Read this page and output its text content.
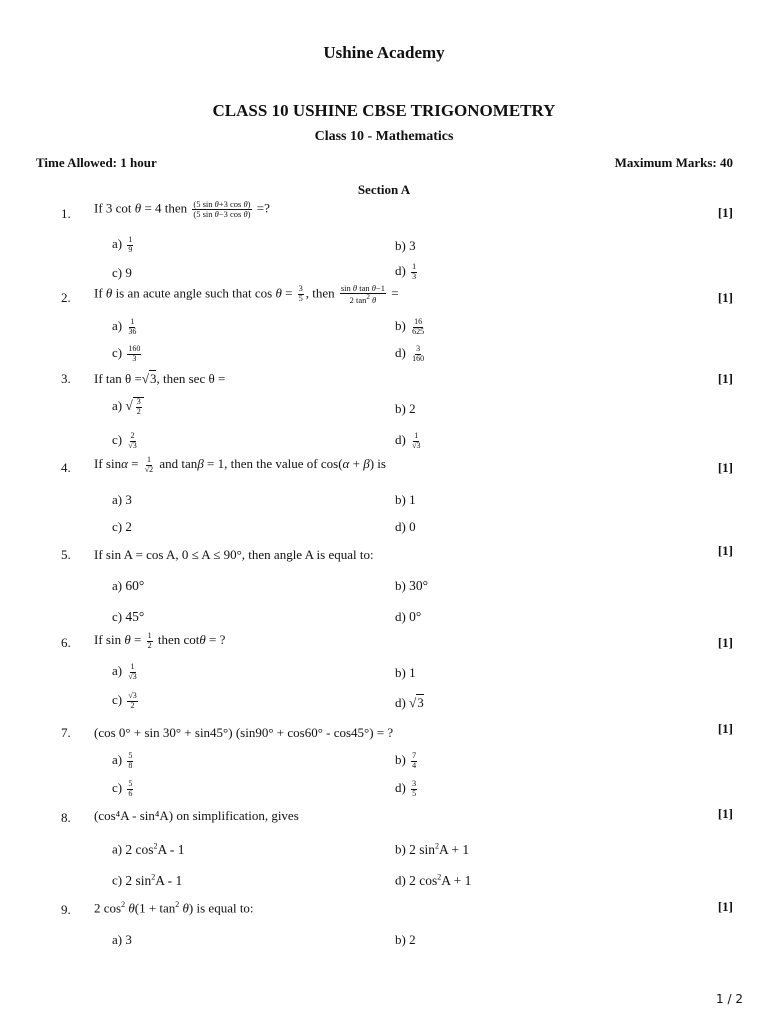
Ushine Academy
CLASS 10 USHINE CBSE TRIGONOMETRY
Class 10 - Mathematics
Time Allowed: 1 hour	Maximum Marks: 40
Section A
1. If 3 cot θ = 4 then $\frac{\text{(5 sin θ+3 cos θ)}}{\text{(5 sin θ−3 cos θ)}}$ =?	[1]
$a) \frac{1}{9}$	b) 3
c) 9	$d) \frac{1}{3}$
2. If θ is an acute angle such that $\cos \theta = \frac{3}{5}$ , then $\frac{\text{sin θ tan θ−1}}{2 \tan^2 \theta}$ =	[1]
$a) \frac{1}{36}$	$b) \frac{16}{625}$
$c) \frac{160}{3}$	$d) \frac{3}{160}$
3. If tan θ =√3, then sec θ =	[1]
a) √ $\frac{3}{2}$	b) 2
$c) \frac{2}{√3}$	$d) \frac{1}{√3}$
4. If $\sin\alpha = \frac{1}{√2}$ and tanβ = 1, then the value of cos(α + β) is	[1]
a) 3	b) 1
c) 2	d) 0
5. If sin A = cos A, 0 ≤ A ≤ 90°, then angle A is equal to:	[1]
a) 60°	b) 30°
c) 45°	d) 0°
6. If $\sin \theta = \frac{1}{2}$ then cotθ = ?	[1]
$a) \frac{1}{√3}$	b) 1
$c) \frac{√3}{2}$	d) √3
7. (cos 0° + sin 30° + sin45°) (sin90° + cos60° - cos45°) = ?	[1]
$a) \frac{5}{8}$	$b) \frac{7}{4}$
$c) \frac{5}{6}$	$d) \frac{3}{5}$
8. (cos⁴A - sin⁴A) on simplification, gives	[1]
a) 2 $\cos^2A - 1$	b) 2 $\sin^2A + 1$
c) 2 $\sin^2A - 1$	d) 2 $\cos^2A + 1$
9. 2 $\cos^2 \theta(1 + \tan^2 \theta)$ is equal to:	[1]
a) 3	b) 2
1 / 2
